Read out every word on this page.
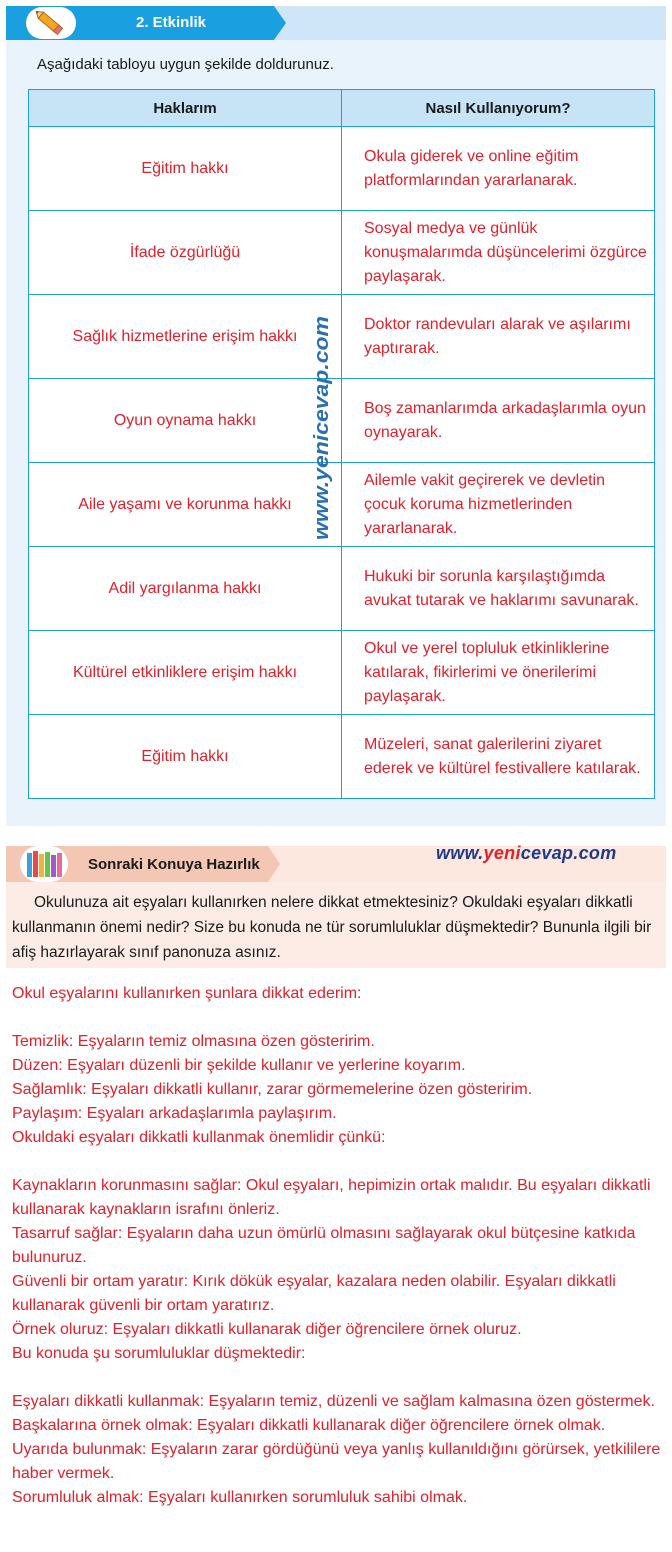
2. Etkinlik
Aşağıdaki tabloyu uygun şekilde doldurunuz.
Haklarım	Nasıl Kullanıyorum?
Eğitim hakkı	Okula giderek ve online eğitim platformlarından yararlanarak.
İfade özgürlüğü	Sosyal medya ve günlük konuşmalarımda düşüncelerimi özgürce paylaşarak.
Sağlık hizmetlerine erişim hakkı	Doktor randevuları alarak ve aşılarımı yaptırarak.
Oyun oynama hakkı	Boş zamanlarımda arkadaşlarımla oyun oynayarak.
Aile yaşamı ve korunma hakkı	Ailemle vakit geçirerek ve devletin çocuk koruma hizmetlerinden yararlanarak.
Adil yargılanma hakkı	Hukuki bir sorunla karşılaştığımda avukat tutarak ve haklarımı savunarak.
Kültürel etkinliklere erişim hakkı	Okul ve yerel topluluk etkinliklerine katılarak, fikirlerimi ve önerilerimi paylaşarak.
Eğitim hakkı	Müzeleri, sanat galerilerini ziyaret ederek ve kültürel festivallere katılarak.
www.yenicevap.com
Sonraki Konuya Hazırlık
www.yenicevap.com
Okulunuza ait eşyaları kullanırken nelere dikkat etmektesiniz? Okuldaki eşyaları dikkatli kullanmanın önemi nedir? Size bu konuda ne tür sorumluluklar düşmektedir? Bununla ilgili bir afiş hazırlayarak sınıf panonuza asınız.

Okul eşyalarını kullanırken şunlara dikkat ederim:

Temizlik: Eşyaların temiz olmasına özen gösteririm.

Düzen: Eşyaları düzenli bir şekilde kullanır ve yerlerine koyarım.

Sağlamlık: Eşyaları dikkatli kullanır, zarar görmemelerine özen gösteririm.

Paylaşım: Eşyaları arkadaşlarımla paylaşırım.

Okuldaki eşyaları dikkatli kullanmak önemlidir çünkü:

Kaynakların korunmasını sağlar: Okul eşyaları, hepimizin ortak malıdır. Bu eşyaları dikkatli kullanarak kaynakların israfını önleriz.

Tasarruf sağlar: Eşyaların daha uzun ömürlü olmasını sağlayarak okul bütçesine katkıda bulunuruz.

Güvenli bir ortam yaratır: Kırık dökük eşyalar, kazalara neden olabilir. Eşyaları dikkatli kullanarak güvenli bir ortam yaratırız.

Örnek oluruz: Eşyaları dikkatli kullanarak diğer öğrencilere örnek oluruz.

Bu konuda şu sorumluluklar düşmektedir:

Eşyaları dikkatli kullanmak: Eşyaların temiz, düzenli ve sağlam kalmasına özen göstermek.

Başkalarına örnek olmak: Eşyaları dikkatli kullanarak diğer öğrencilere örnek olmak.

Uyarıda bulunmak: Eşyaların zarar gördüğünü veya yanlış kullanıldığını görürsek, yetkililere haber vermek.

Sorumluluk almak: Eşyaları kullanırken sorumluluk sahibi olmak.
